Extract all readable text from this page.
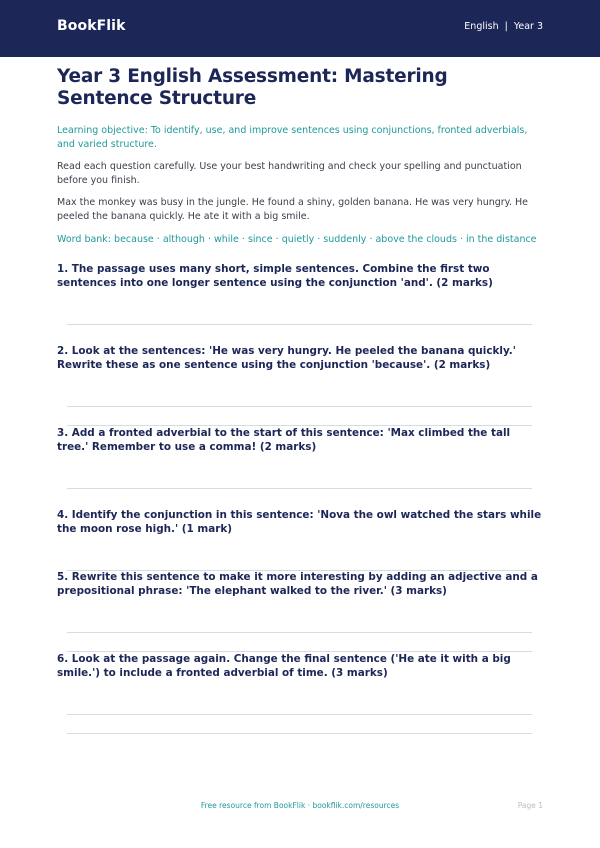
BookFlik	English | Year 3
Year 3 English Assessment: Mastering Sentence Structure

Learning objective: To identify, use, and improve sentences using conjunctions, fronted adverbials, and varied structure.

Read each question carefully. Use your best handwriting and check your spelling and punctuation before you finish.

Max the monkey was busy in the jungle. He found a shiny, golden banana. He was very hungry. He peeled the banana quickly. He ate it with a big smile.

Word bank: because · although · while · since · quietly · suddenly · above the clouds · in the distance

1. The passage uses many short, simple sentences. Combine the first two sentences into one longer sentence using the conjunction 'and'. (2 marks)

2. Look at the sentences: 'He was very hungry. He peeled the banana quickly.' Rewrite these as one sentence using the conjunction 'because'. (2 marks)

3. Add a fronted adverbial to the start of this sentence: 'Max climbed the tall tree.' Remember to use a comma! (2 marks)

4. Identify the conjunction in this sentence: 'Nova the owl watched the stars while the moon rose high.' (1 mark)

5. Rewrite this sentence to make it more interesting by adding an adjective and a prepositional phrase: 'The elephant walked to the river.' (3 marks)

6. Look at the passage again. Change the final sentence ('He ate it with a big smile.') to include a fronted adverbial of time. (3 marks)

Free resource from BookFlik · bookflik.com/resources	Page 1
